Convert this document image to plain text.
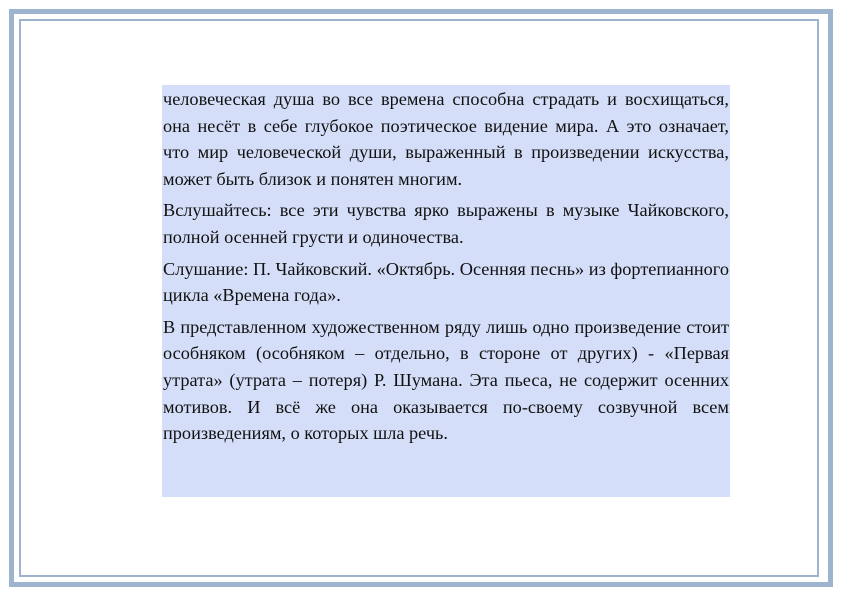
человеческая душа во все времена способна страдать и восхищаться, она несёт в себе глубокое поэтическое видение мира. А это означает, что мир человеческой души, выраженный в произведении искусства, может быть близок и понятен многим.

Вслушайтесь: все эти чувства ярко выражены в музыке Чайковского, полной осенней грусти и одиночества.

Слушание: П. Чайковский. «Октябрь. Осенняя песнь» из фортепианного цикла «Времена года».

В представленном художественном ряду лишь одно произведение стоит особняком (особняком – отдельно, в стороне от других) - «Первая утрата» (утрата – потеря) Р. Шумана. Эта пьеса, не содержит осенних мотивов. И всё же она оказывается по-своему созвучной всем произведениям, о которых шла речь.
